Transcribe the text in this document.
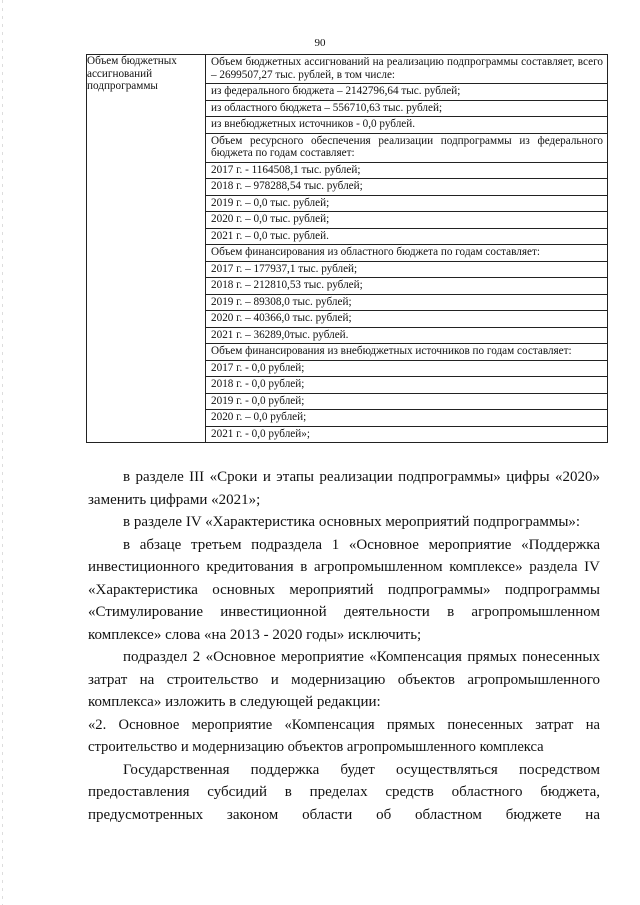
90
Объем бюджетных ассигнований подпрограммы	
Объем бюджетных ассигнований на реализацию подпрограммы составляет, всего – 2699507,27 тыс. рублей, в том числе:
из федерального бюджета – 2142796,64 тыс. рублей;
из областного бюджета – 556710,63 тыс. рублей;
из внебюджетных источников - 0,0 рублей.
Объем ресурсного обеспечения реализации подпрограммы из федерального бюджета по годам составляет:
2017 г. - 1164508,1 тыс. рублей;
2018 г. – 978288,54 тыс. рублей;
2019 г. – 0,0 тыс. рублей;
2020 г. – 0,0 тыс. рублей;
2021 г. – 0,0 тыс. рублей.
Объем финансирования из областного бюджета по годам составляет:
2017 г. – 177937,1 тыс. рублей;
2018 г. – 212810,53 тыс. рублей;
2019 г. – 89308,0 тыс. рублей;
2020 г. – 40366,0 тыс. рублей;
2021 г. – 36289,0тыс. рублей.
Объем финансирования из внебюджетных источников по годам составляет:
2017 г. - 0,0 рублей;
2018 г. - 0,0 рублей;
2019 г. - 0,0 рублей;
2020 г. – 0,0 рублей;
2021 г. - 0,0 рублей»;

в разделе III «Сроки и этапы реализации подпрограммы» цифры «2020» заменить цифрами «2021»;

в разделе IV «Характеристика основных мероприятий подпрограммы»:

в абзаце третьем подраздела 1 «Основное мероприятие «Поддержка инвестиционного кредитования в агропромышленном комплексе» раздела IV «Характеристика основных мероприятий подпрограммы» подпрограммы «Стимулирование инвестиционной деятельности в агропромышленном комплексе» слова «на 2013 - 2020 годы» исключить;

подраздел 2 «Основное мероприятие «Компенсация прямых понесенных затрат на строительство и модернизацию объектов агропромышленного комплекса» изложить в следующей редакции:

«2. Основное мероприятие «Компенсация прямых понесенных затрат на строительство и модернизацию объектов агропромышленного комплекса

Государственная поддержка будет осуществляться посредством предоставления субсидий в пределах средств областного бюджета, предусмотренных законом области об областном бюджете на
